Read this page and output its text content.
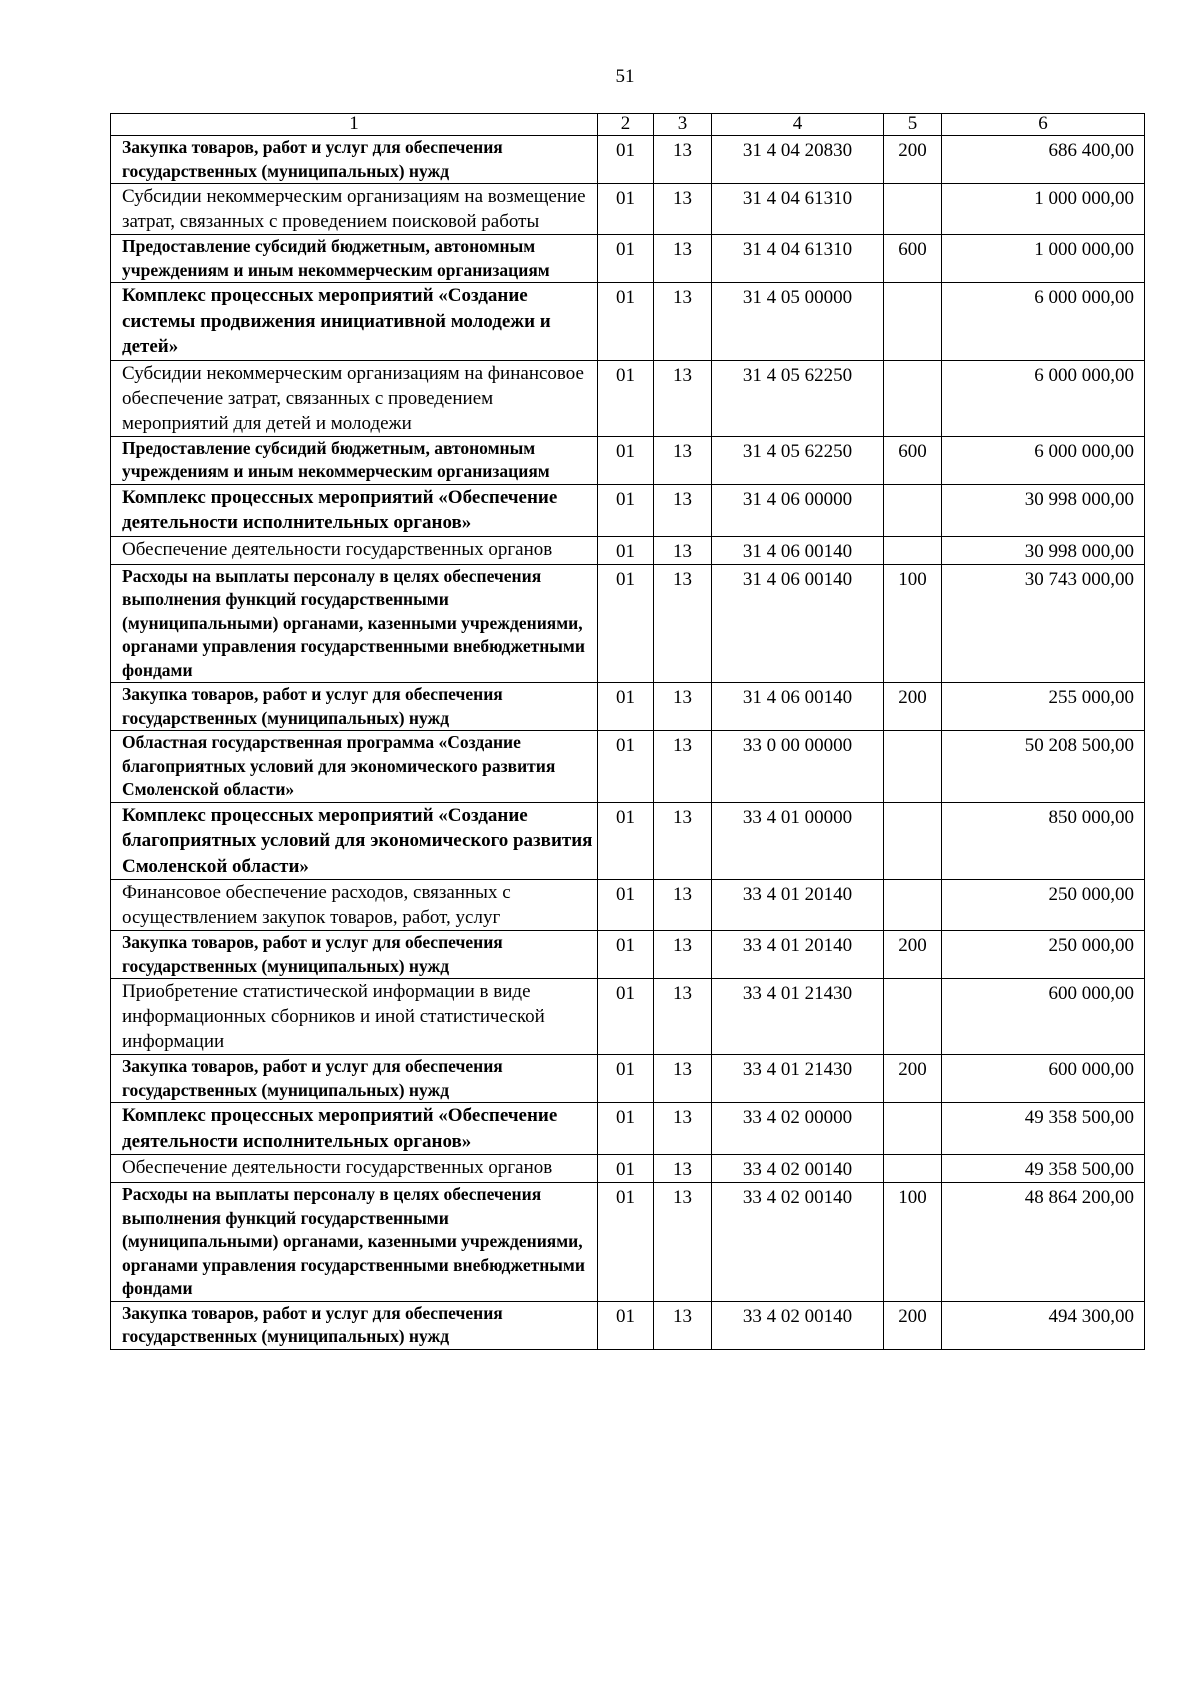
51
1	2	3	4	5	6
Закупка товаров, работ и услуг для обеспечения государственных (муниципальных) нужд	01	13	31 4 04 20830	200	686 400,00
Субсидии некоммерческим организациям на возмещение затрат, связанных с проведением поисковой работы	01	13	31 4 04 61310		1 000 000,00
Предоставление субсидий бюджетным, автономным учреждениям и иным некоммерческим организациям	01	13	31 4 04 61310	600	1 000 000,00
Комплекс процессных мероприятий «Создание системы продвижения инициативной молодежи и детей»	01	13	31 4 05 00000		6 000 000,00
Субсидии некоммерческим организациям на финансовое обеспечение затрат, связанных с проведением мероприятий для детей и молодежи	01	13	31 4 05 62250		6 000 000,00
Предоставление субсидий бюджетным, автономным учреждениям и иным некоммерческим организациям	01	13	31 4 05 62250	600	6 000 000,00
Комплекс процессных мероприятий «Обеспечение деятельности исполнительных органов»	01	13	31 4 06 00000		30 998 000,00
Обеспечение деятельности государственных органов	01	13	31 4 06 00140		30 998 000,00
Расходы на выплаты персоналу в целях обеспечения выполнения функций государственными (муниципальными) органами, казенными учреждениями, органами управления государственными внебюджетными фондами	01	13	31 4 06 00140	100	30 743 000,00
Закупка товаров, работ и услуг для обеспечения государственных (муниципальных) нужд	01	13	31 4 06 00140	200	255 000,00
Областная государственная программа «Создание благоприятных условий для экономического развития Смоленской области»	01	13	33 0 00 00000		50 208 500,00
Комплекс процессных мероприятий «Создание благоприятных условий для экономического развития Смоленской области»	01	13	33 4 01 00000		850 000,00
Финансовое обеспечение расходов, связанных с осуществлением закупок товаров, работ, услуг	01	13	33 4 01 20140		250 000,00
Закупка товаров, работ и услуг для обеспечения государственных (муниципальных) нужд	01	13	33 4 01 20140	200	250 000,00
Приобретение статистической информации в виде информационных сборников и иной статистической информации	01	13	33 4 01 21430		600 000,00
Закупка товаров, работ и услуг для обеспечения государственных (муниципальных) нужд	01	13	33 4 01 21430	200	600 000,00
Комплекс процессных мероприятий «Обеспечение деятельности исполнительных органов»	01	13	33 4 02 00000		49 358 500,00
Обеспечение деятельности государственных органов	01	13	33 4 02 00140		49 358 500,00
Расходы на выплаты персоналу в целях обеспечения выполнения функций государственными (муниципальными) органами, казенными учреждениями, органами управления государственными внебюджетными фондами	01	13	33 4 02 00140	100	48 864 200,00
Закупка товаров, работ и услуг для обеспечения государственных (муниципальных) нужд	01	13	33 4 02 00140	200	494 300,00
